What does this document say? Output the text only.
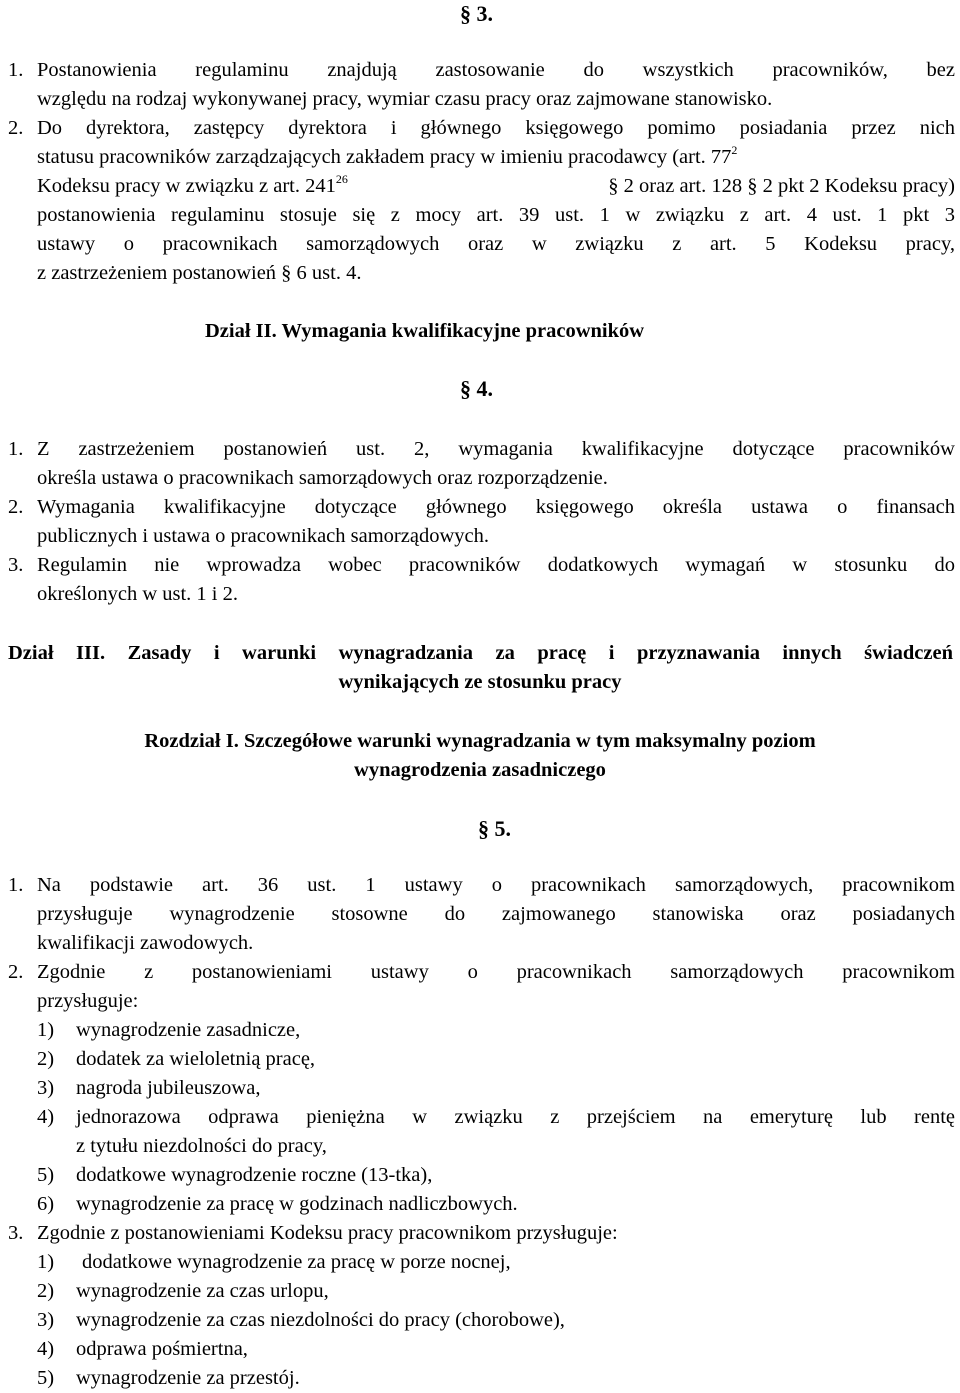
§ 3.
1. Postanowienia regulaminu znajdują zastosowanie do wszystkich pracowników, bez
względu na rodzaj wykonywanej pracy, wymiar czasu pracy oraz zajmowane stanowisko.
2. Do dyrektora, zastępcy dyrektora i głównego księgowego pomimo posiadania przez nich
statusu pracowników zarządzających zakładem pracy w imieniu pracodawcy (art. $77^2$
Kodeksu pracy w związku z art. $241^{26}$	§ 2 oraz art. 128 § 2 pkt 2 Kodeksu pracy)
postanowienia regulaminu stosuje się z mocy art. 39 ust. 1 w związku z art. 4 ust. 1 pkt 3
ustawy o pracownikach samorządowych oraz w związku z art. 5 Kodeksu pracy,
z zastrzeżeniem postanowień § 6 ust. 4.
Dział II. Wymagania kwalifikacyjne pracowników
§ 4.
1. Z zastrzeżeniem postanowień ust. 2, wymagania kwalifikacyjne dotyczące pracowników
określa ustawa o pracownikach samorządowych oraz rozporządzenie.
2. Wymagania kwalifikacyjne dotyczące głównego księgowego określa ustawa o finansach
publicznych i ustawa o pracownikach samorządowych.
3. Regulamin nie wprowadza wobec pracowników dodatkowych wymagań w stosunku do
określonych w ust. 1 i 2.
Dział III. Zasady i warunki wynagradzania za pracę i przyznawania innych świadczeń
wynikających ze stosunku pracy
Rozdział I. Szczegółowe warunki wynagradzania w tym maksymalny poziom
wynagrodzenia zasadniczego
§ 5.
1. Na podstawie art. 36 ust. 1 ustawy o pracownikach samorządowych, pracownikom
przysługuje wynagrodzenie stosowne do zajmowanego stanowiska oraz posiadanych
kwalifikacji zawodowych.
2. Zgodnie z postanowieniami ustawy o pracownikach samorządowych pracownikom
przysługuje:
1) wynagrodzenie zasadnicze,
2) dodatek za wieloletnią pracę,
3) nagroda jubileuszowa,
4) jednorazowa odprawa pieniężna w związku z przejściem na emeryturę lub rentę
z tytułu niezdolności do pracy,
5) dodatkowe wynagrodzenie roczne (13-tka),
6) wynagrodzenie za pracę w godzinach nadliczbowych.
3. Zgodnie z postanowieniami Kodeksu pracy pracownikom przysługuje:
1) dodatkowe wynagrodzenie za pracę w porze nocnej,
2) wynagrodzenie za czas urlopu,
3) wynagrodzenie za czas niezdolności do pracy (chorobowe),
4) odprawa pośmiertna,
5) wynagrodzenie za przestój.
